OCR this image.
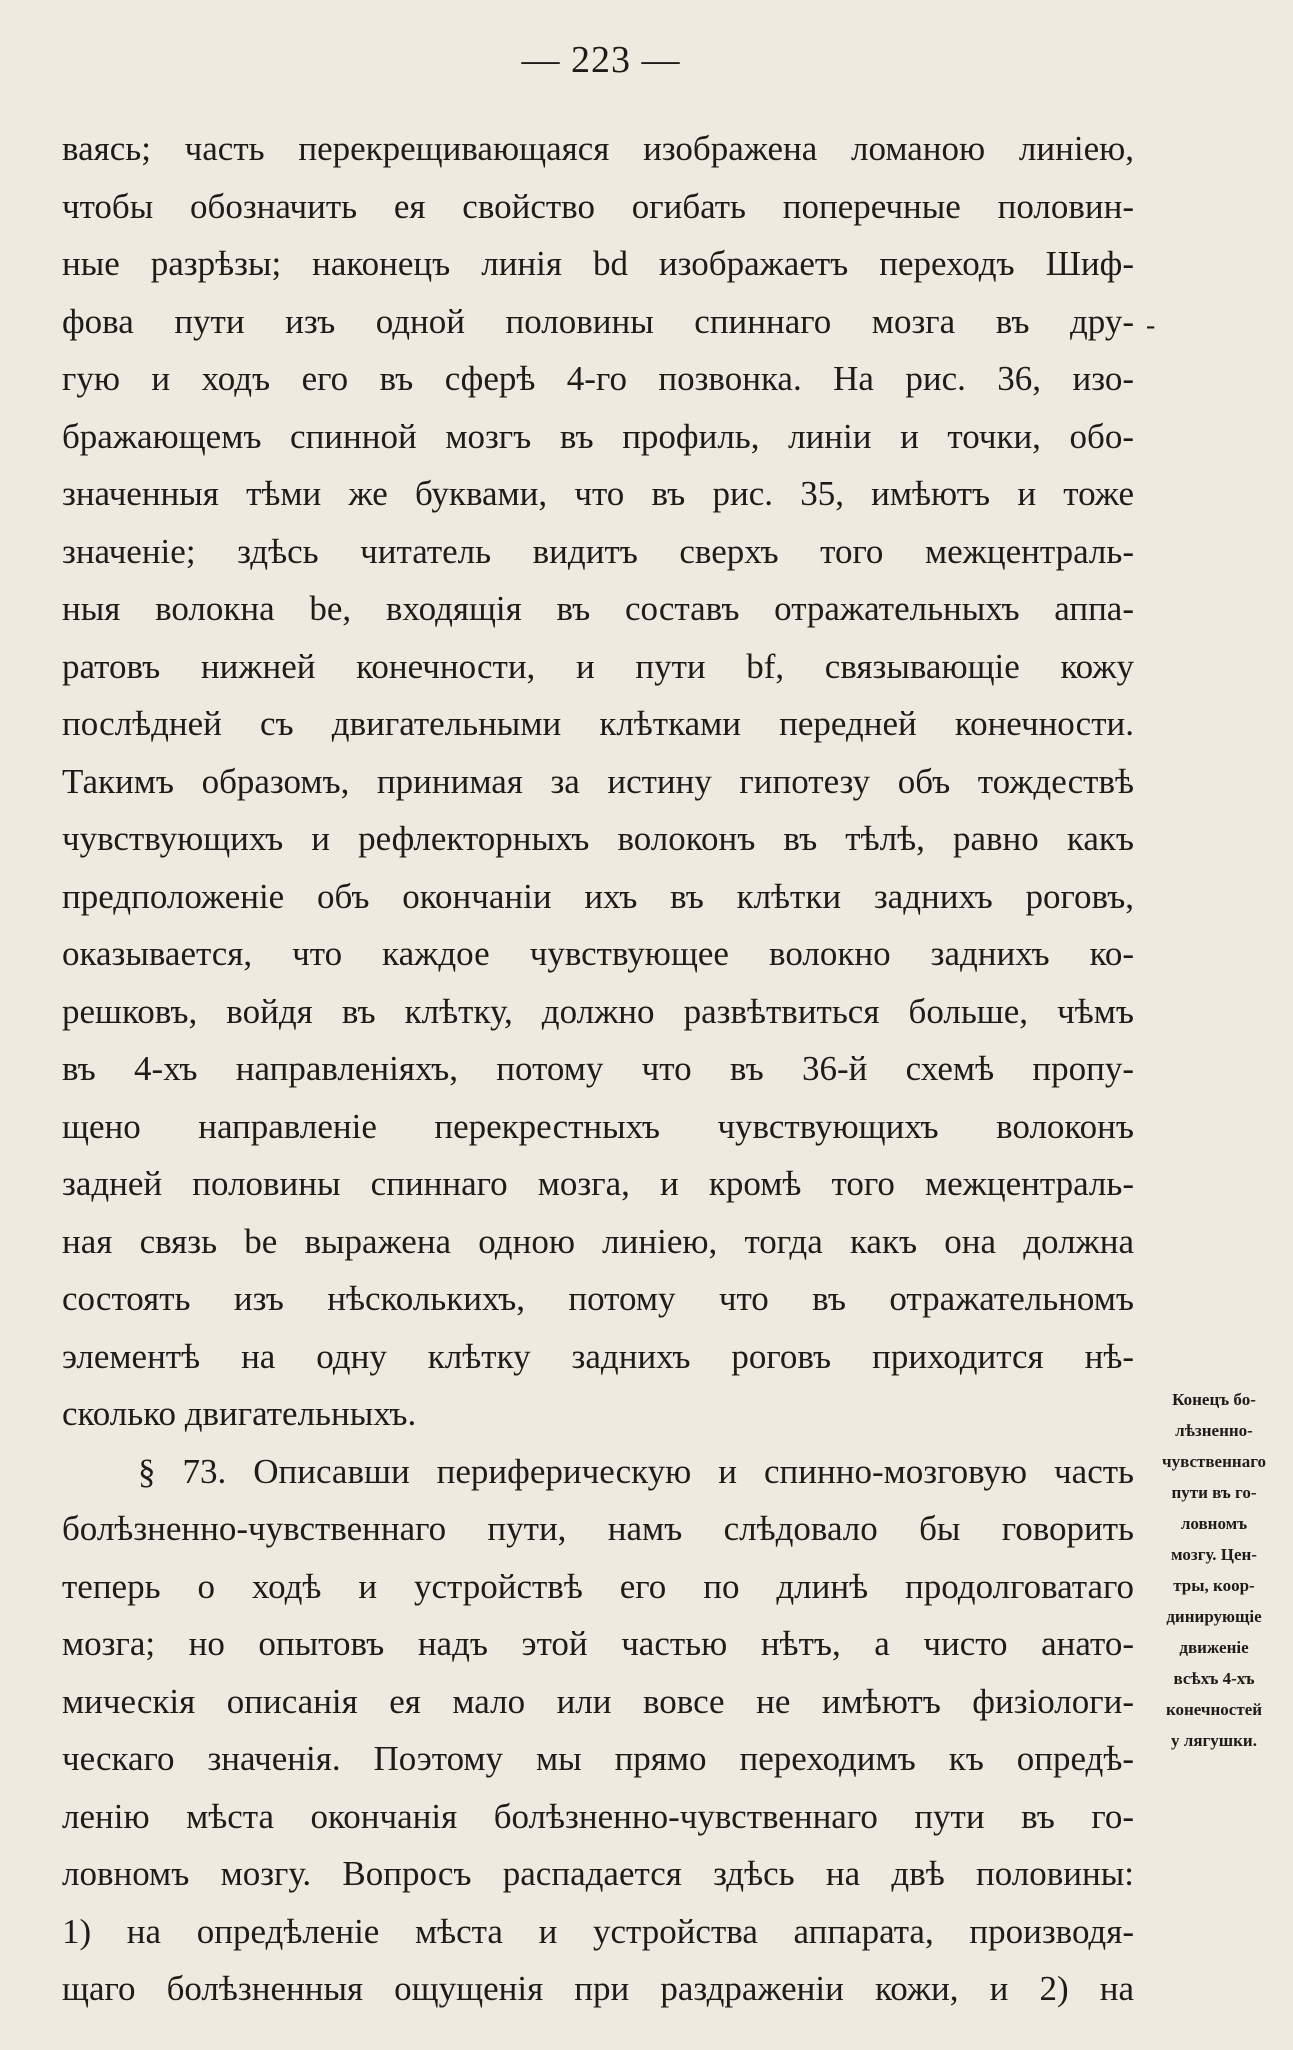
— 223 —
ваясь; часть перекрещивающаяся изображена ломаною линiею,
чтобы обозначить ея свойство огибать поперечные половин-
ные разрѣзы; наконецъ линiя bd изображаетъ переходъ Шиф-
фова пути изъ одной половины спиннаго мозга въ дру-
гую и ходъ его въ сферѣ 4-го позвонка. На рис. 36, изо-
бражающемъ спинной мозгъ въ профиль, линiи и точки, обо-
значенныя тѣми же буквами, что въ рис. 35, имѣютъ и тоже
значенiе; здѣсь читатель видитъ сверхъ того межцентраль-
ныя волокна be, входящiя въ составъ отражательныхъ аппа-
ратовъ нижней конечности, и пути bf, связывающiе кожу
послѣдней съ двигательными клѣтками передней конечности.
Такимъ образомъ, принимая за истину гипотезу объ тождествѣ
чувствующихъ и рефлекторныхъ волоконъ въ тѣлѣ, равно какъ
предположенiе объ окончанiи ихъ въ клѣтки заднихъ роговъ,
оказывается, что каждое чувствующее волокно заднихъ ко-
решковъ, войдя въ клѣтку, должно развѣтвиться больше, чѣмъ
въ 4-хъ направленiяхъ, потому что въ 36-й схемѣ пропу-
щено направленiе перекрестныхъ чувствующихъ волоконъ
задней половины спиннаго мозга, и кромѣ того межцентраль-
ная связь be выражена одною линiею, тогда какъ она должна
состоять изъ нѣсколькихъ, потому что въ отражательномъ
элементѣ на одну клѣтку заднихъ роговъ приходится нѣ-
сколько двигательныхъ.
§ 73. Описавши периферическую и спинно-мозговую часть
болѣзненно-чувственнаго пути, намъ слѣдовало бы говорить
теперь о ходѣ и устройствѣ его по длинѣ продолговатаго
мозга; но опытовъ надъ этой частью нѣтъ, а чисто анато-
мическiя описанiя ея мало или вовсе не имѣютъ физiологи-
ческаго значенiя. Поэтому мы прямо переходимъ къ опредѣ-
ленiю мѣста окончанiя болѣзненно-чувственнаго пути въ го-
ловномъ мозгу. Вопросъ распадается здѣсь на двѣ половины:
1) на опредѣленiе мѣста и устройства аппарата, производя-
щаго болѣзненныя ощущенiя при раздраженiи кожи, и 2) на
-
Конецъ бо-
лѣзненно-
чувственнаго
пути въ го-
ловномъ
мозгу. Цен-
тры, коор-
динирующiе
движенiе
всѣхъ 4-хъ
конечностей
у лягушки.
